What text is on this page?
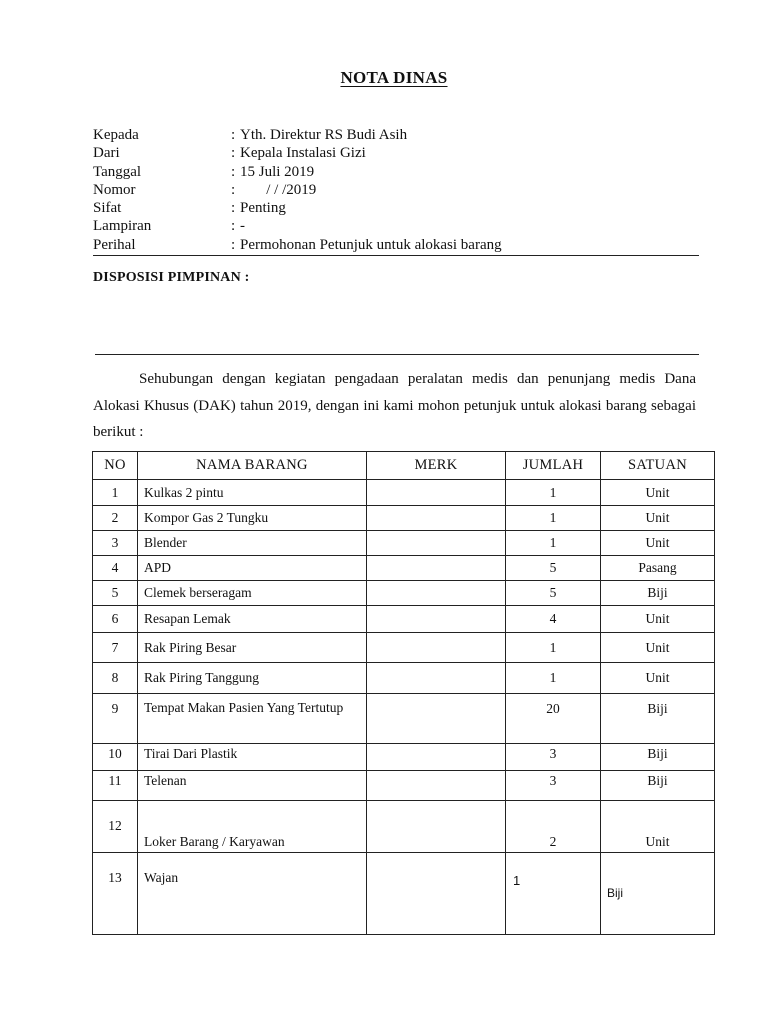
NOTA DINAS
Kepada	: Yth. Direktur RS Budi Asih
Dari	: Kepala Instalasi Gizi
Tanggal	: 15 Juli 2019
Nomor	:       / / /2019
Sifat	: Penting
Lampiran	: -
Perihal	: Permohonan Petunjuk untuk alokasi barang
DISPOSISI PIMPINAN :
Sehubungan dengan kegiatan pengadaan peralatan medis dan penunjang medis Dana Alokasi Khusus (DAK) tahun 2019, dengan ini kami mohon petunjuk untuk alokasi barang sebagai berikut :
NO	NAMA BARANG	MERK	JUMLAH	SATUAN
1	Kulkas 2 pintu		1	Unit
2	Kompor Gas 2 Tungku		1	Unit
3	Blender		1	Unit
4	APD		5	Pasang
5	Clemek berseragam		5	Biji
6	Resapan Lemak		4	Unit
7	Rak Piring Besar		1	Unit
8	Rak Piring Tanggung		1	Unit
9	Tempat Makan Pasien Yang Tertutup		20	Biji
10	Tirai Dari Plastik		3	Biji
11	Telenan		3	Biji
12	Loker Barang / Karyawan		2	Unit
13	Wajan		1	Biji
